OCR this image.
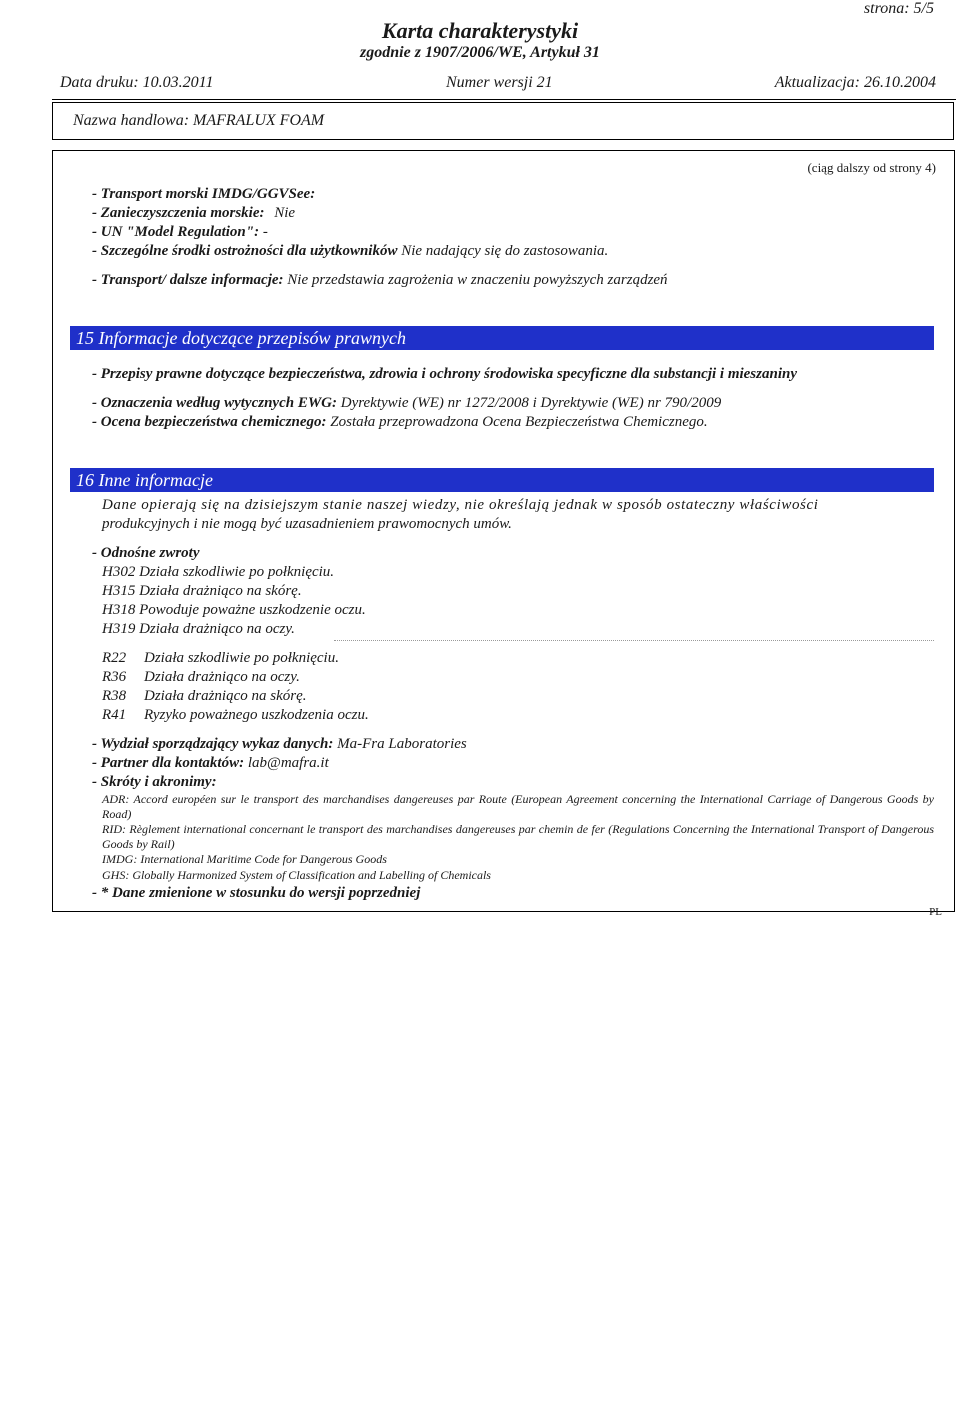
strona: 5/5
Karta charakterystyki
zgodnie z 1907/2006/WE, Artykuł 31
Data druku: 10.03.2011	Numer wersji 21	Aktualizacja: 26.10.2004
Nazwa handlowa: MAFRALUX FOAM
(ciąg dalszy od strony 4)
- Transport morski IMDG/GGVSee:
- Zanieczyszczenia morskie: Nie
- UN "Model Regulation": -
- Szczególne środki ostrożności dla użytkowników Nie nadający się do zastosowania.
- Transport/ dalsze informacje: Nie przedstawia zagrożenia w znaczeniu powyższych zarządzeń
15 Informacje dotyczące przepisów prawnych
- Przepisy prawne dotyczące bezpieczeństwa, zdrowia i ochrony środowiska specyficzne dla substancji i mieszaniny
- Oznaczenia według wytycznych EWG: Dyrektywie (WE) nr 1272/2008 i Dyrektywie (WE) nr 790/2009
- Ocena bezpieczeństwa chemicznego: Została przeprowadzona Ocena Bezpieczeństwa Chemicznego.
16 Inne informacje
Dane opierają się na dzisiejszym stanie naszej wiedzy, nie określają jednak w sposób ostateczny właściwości
produkcyjnych i nie mogą być uzasadnieniem prawomocnych umów.
- Odnośne zwroty
H302 Działa szkodliwie po połknięciu.
H315 Działa drażniąco na skórę.
H318 Powoduje poważne uszkodzenie oczu.
H319 Działa drażniąco na oczy.
R22 Działa szkodliwie po połknięciu.
R36 Działa drażniąco na oczy.
R38 Działa drażniąco na skórę.
R41 Ryzyko poważnego uszkodzenia oczu.
- Wydział sporządzający wykaz danych: Ma-Fra Laboratories
- Partner dla kontaktów: lab@mafra.it
- Skróty i akronimy:
ADR: Accord européen sur le transport des marchandises dangereuses par Route (European Agreement concerning the International Carriage of Dangerous Goods by Road)
RID: Règlement international concernant le transport des marchandises dangereuses par chemin de fer (Regulations Concerning the International Transport of Dangerous Goods by Rail)
IMDG: International Maritime Code for Dangerous Goods
GHS: Globally Harmonized System of Classification and Labelling of Chemicals
- * Dane zmienione w stosunku do wersji poprzedniej
PL
